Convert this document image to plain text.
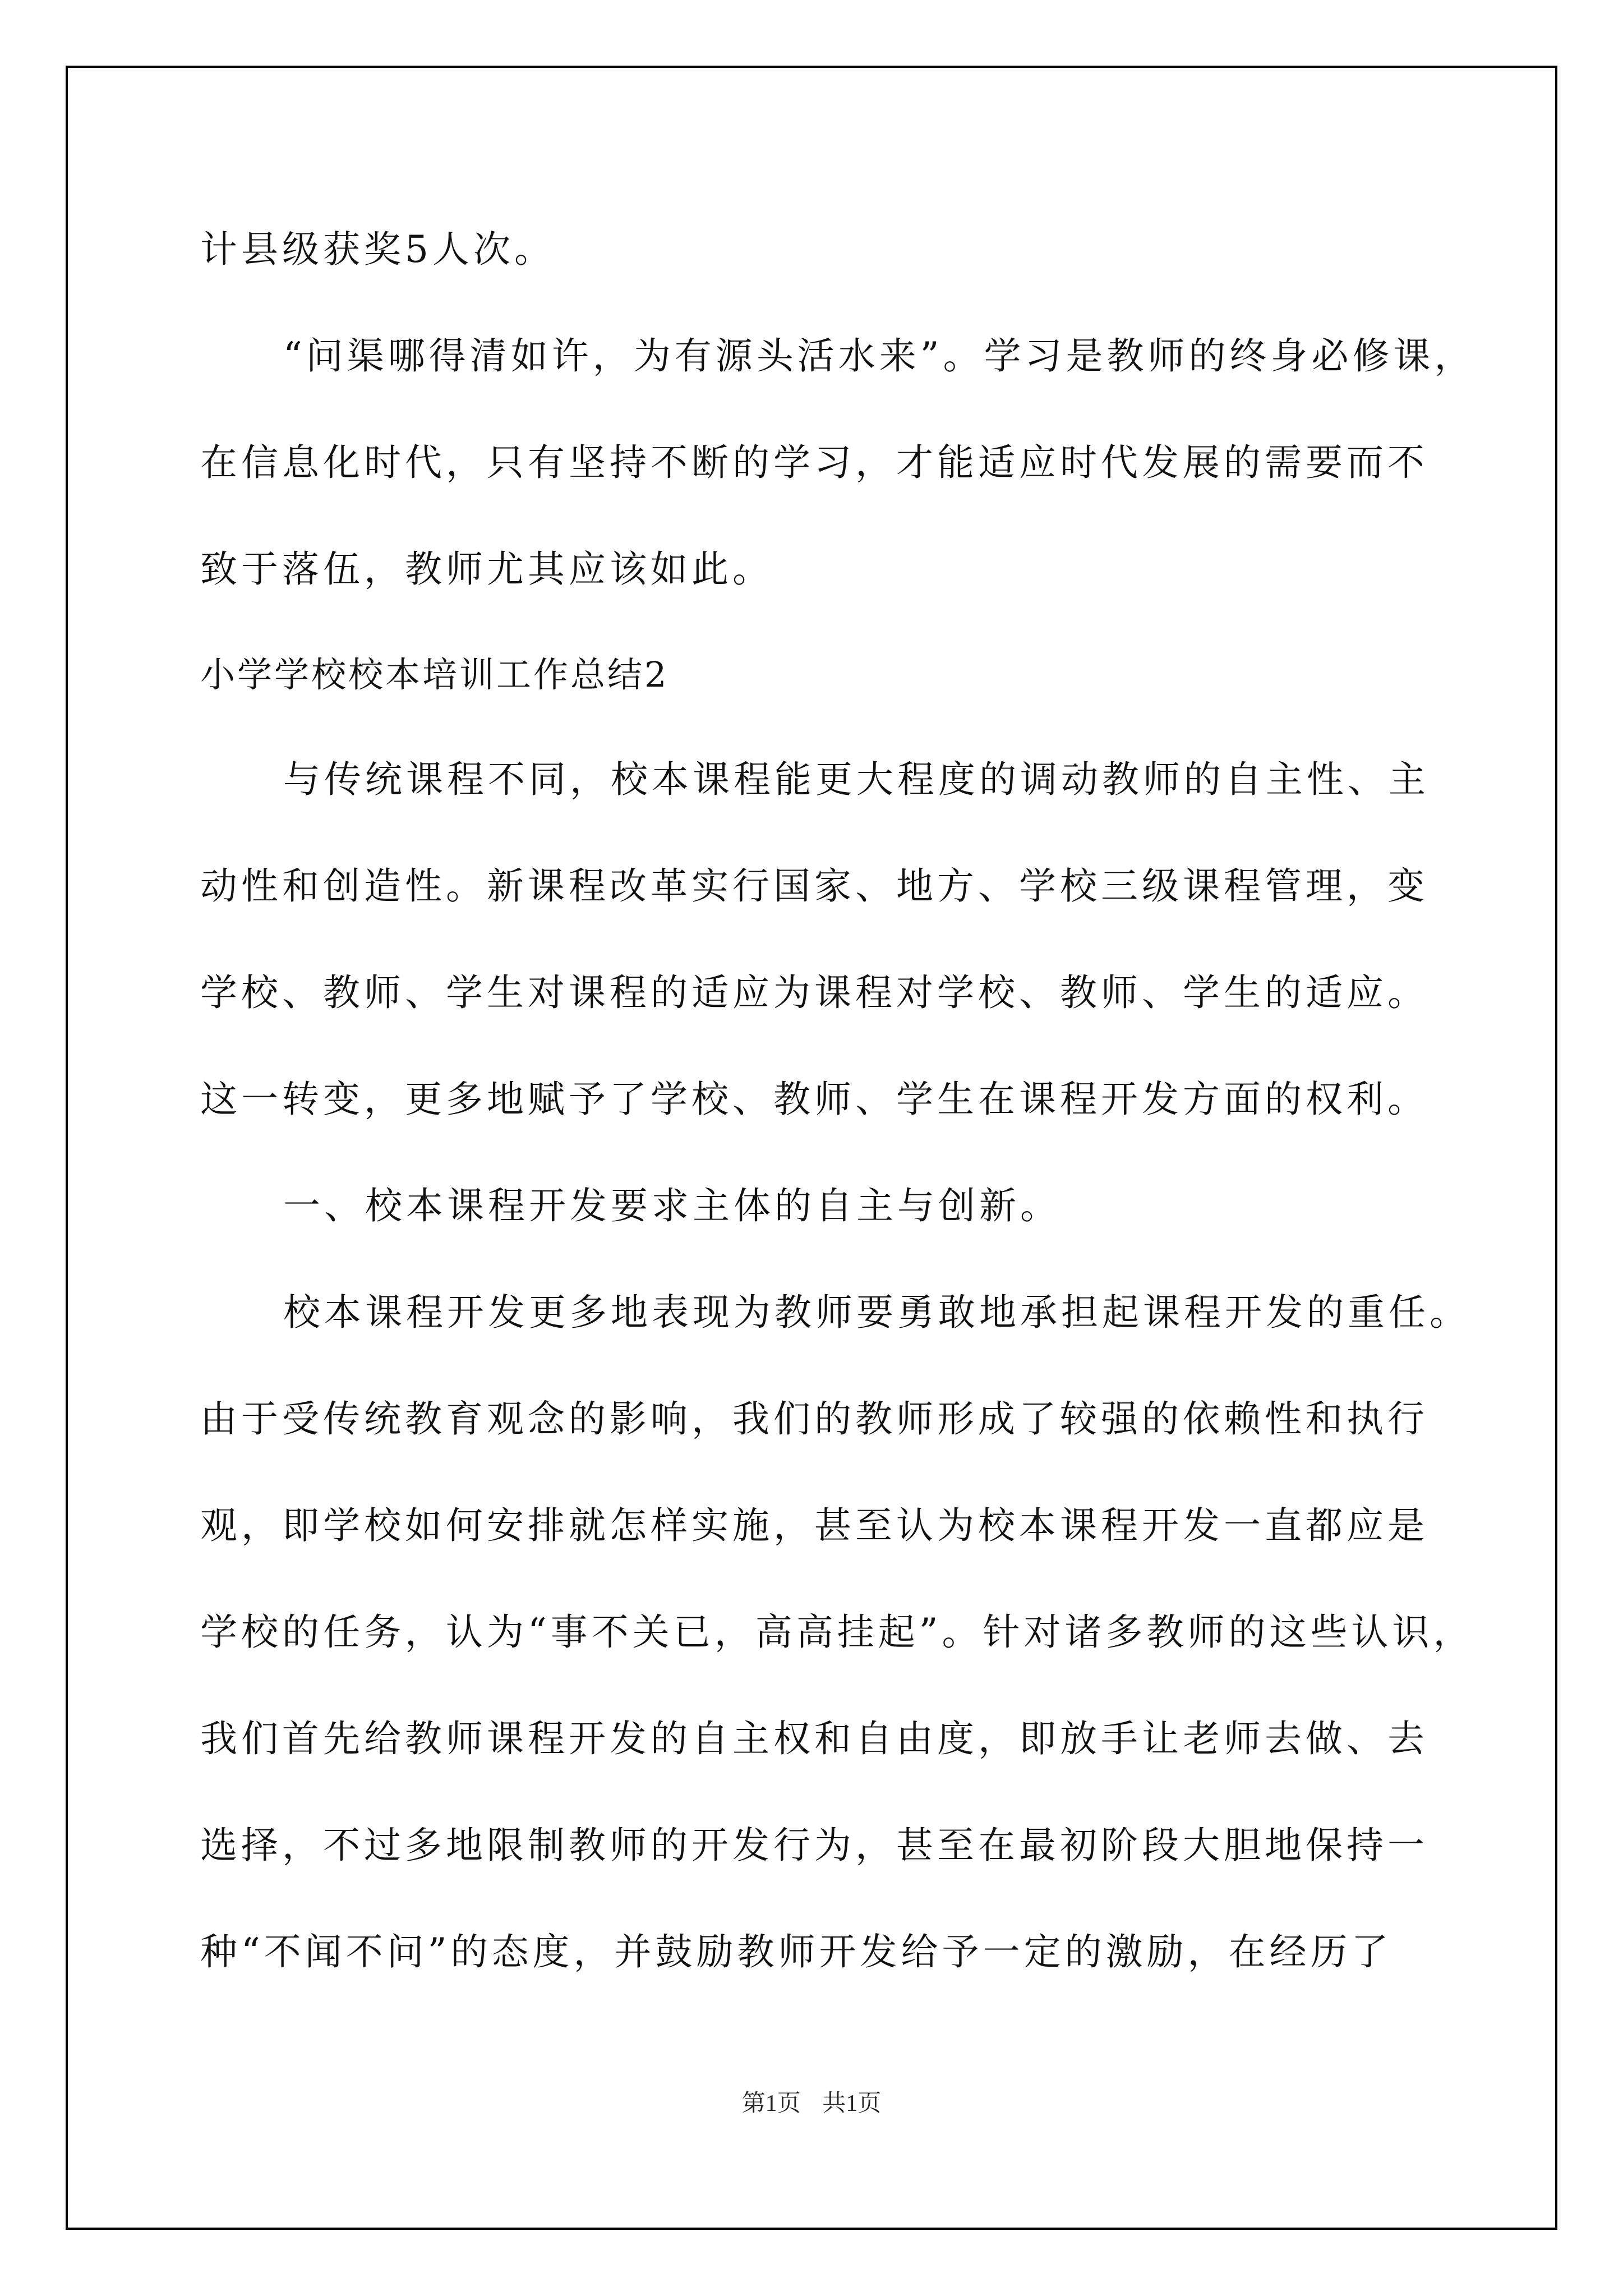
计县级获奖5人次。
“问渠哪得清如许，为有源头活水来”。学习是教师的终身必修课，
在信息化时代，只有坚持不断的学习，才能适应时代发展的需要而不
致于落伍，教师尤其应该如此。
小学学校校本培训工作总结2
与传统课程不同，校本课程能更大程度的调动教师的自主性、主
动性和创造性。新课程改革实行国家、地方、学校三级课程管理，变
学校、教师、学生对课程的适应为课程对学校、教师、学生的适应。
这一转变，更多地赋予了学校、教师、学生在课程开发方面的权利。
一、校本课程开发要求主体的自主与创新。
校本课程开发更多地表现为教师要勇敢地承担起课程开发的重任。
由于受传统教育观念的影响，我们的教师形成了较强的依赖性和执行
观，即学校如何安排就怎样实施，甚至认为校本课程开发一直都应是
学校的任务，认为“事不关已，高高挂起”。针对诸多教师的这些认识，
我们首先给教师课程开发的自主权和自由度，即放手让老师去做、去
选择，不过多地限制教师的开发行为，甚至在最初阶段大胆地保持一
种“不闻不问”的态度，并鼓励教师开发给予一定的激励，在经历了
第1页 共1页
